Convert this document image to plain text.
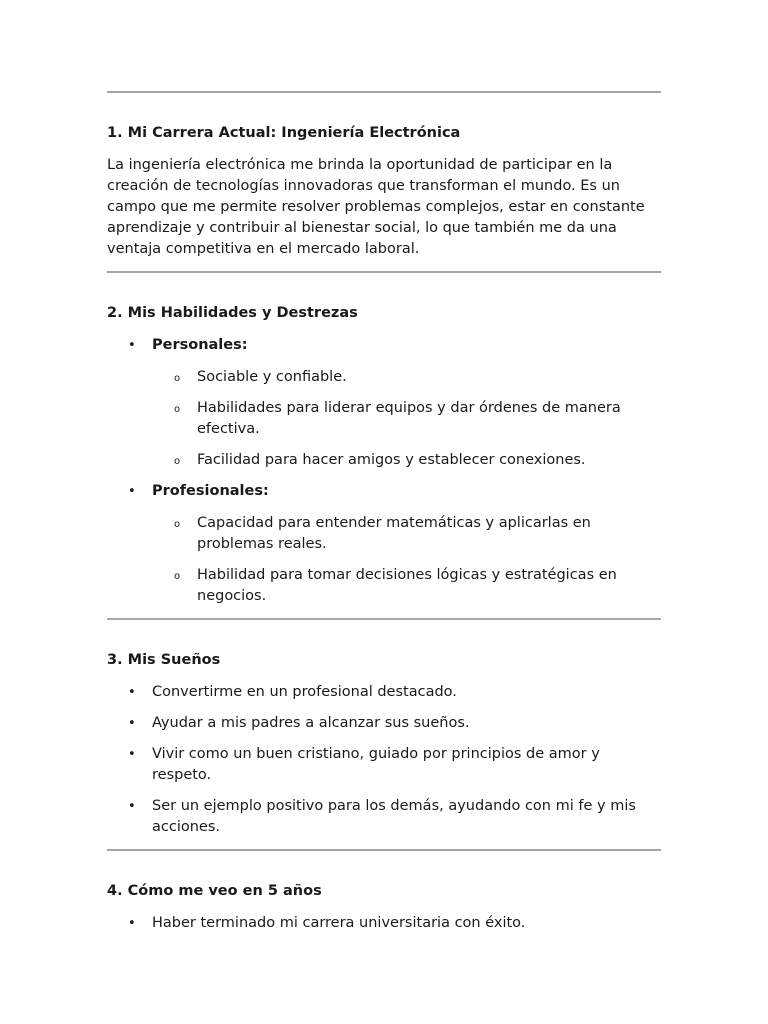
1. Mi Carrera Actual: Ingeniería Electrónica

La ingeniería electrónica me brinda la oportunidad de participar en la creación de tecnologías innovadoras que transforman el mundo. Es un campo que me permite resolver problemas complejos, estar en constante aprendizaje y contribuir al bienestar social, lo que también me da una ventaja competitiva en el mercado laboral.

2. Mis Habilidades y Destrezas
• Personales:
o Sociable y confiable.
o Habilidades para liderar equipos y dar órdenes de manera efectiva.
o Facilidad para hacer amigos y establecer conexiones.
• Profesionales:
o Capacidad para entender matemáticas y aplicarlas en problemas reales.
o Habilidad para tomar decisiones lógicas y estratégicas en negocios.
3. Mis Sueños
• Convertirme en un profesional destacado.
• Ayudar a mis padres a alcanzar sus sueños.
• Vivir como un buen cristiano, guiado por principios de amor y respeto.
• Ser un ejemplo positivo para los demás, ayudando con mi fe y mis acciones.
4. Cómo me veo en 5 años
• Haber terminado mi carrera universitaria con éxito.
